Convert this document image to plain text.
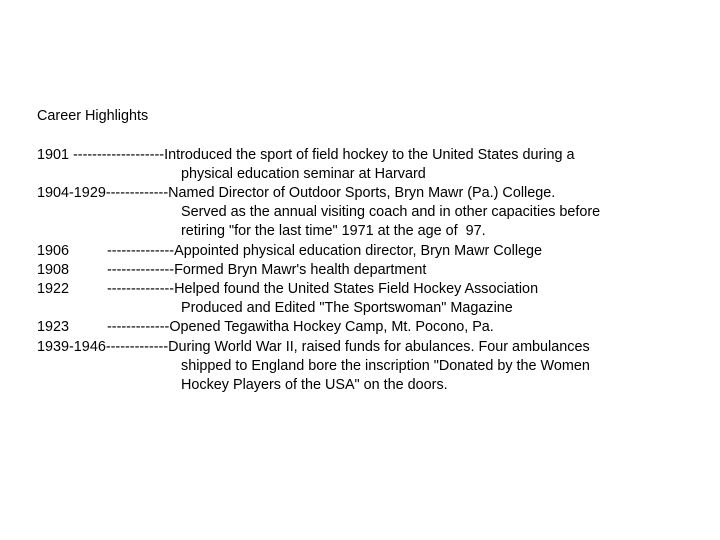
Career Highlights
1901 -------------------Introduced the sport of field hockey to the United States during a
physical education seminar at Harvard
1904-1929-------------Named Director of Outdoor Sports, Bryn Mawr (Pa.) College.
Served as the annual visiting coach and in other capacities before
retiring "for the last time" 1971 at the age of  97.
1906	--------------Appointed physical education director, Bryn Mawr College
1908	--------------Formed Bryn Mawr's health department
1922	--------------Helped found the United States Field Hockey Association
Produced and Edited "The Sportswoman" Magazine
1923	-------------Opened Tegawitha Hockey Camp, Mt. Pocono, Pa.
1939-1946-------------During World War II, raised funds for abulances. Four ambulances
shipped to England bore the inscription "Donated by the Women
Hockey Players of the USA" on the doors.
